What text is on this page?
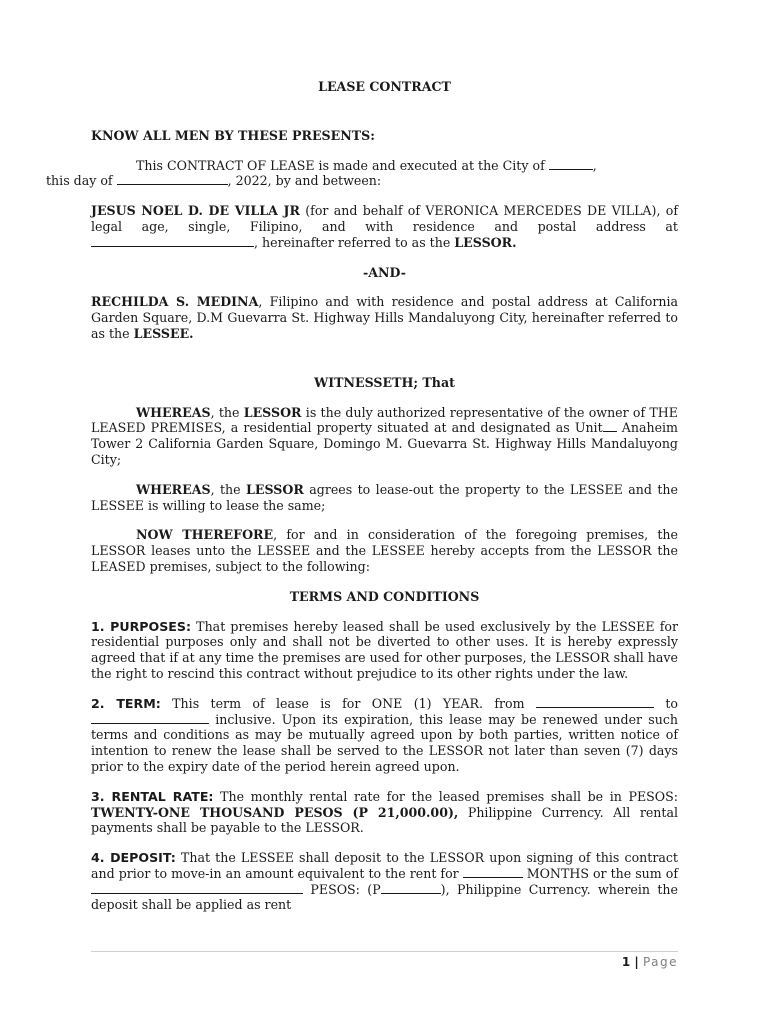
LEASE CONTRACT

KNOW ALL MEN BY THESE PRESENTS:

This CONTRACT OF LEASE is made and executed at the City of	,
this day of	, 2022, by and between:

JESUS NOEL D. DE VILLA JR (for and behalf of VERONICA MERCEDES DE VILLA), of legal age, single, Filipino, and with residence and postal address at , hereinafter referred to as the LESSOR.

-AND-

RECHILDA S. MEDINA, Filipino and with residence and postal address at California Garden Square, D.M Guevarra St. Highway Hills Mandaluyong City, hereinafter referred to as the LESSEE.

WITNESSETH; That

WHEREAS, the LESSOR is the duly authorized representative of the owner of THE LEASED PREMISES, a residential property situated at and designated as Unit Anaheim Tower 2 California Garden Square, Domingo M. Guevarra St. Highway Hills Mandaluyong City;

WHEREAS, the LESSOR agrees to lease-out the property to the LESSEE and the LESSEE is willing to lease the same;

NOW THEREFORE, for and in consideration of the foregoing premises, the LESSOR leases unto the LESSEE and the LESSEE hereby accepts from the LESSOR the LEASED premises, subject to the following:

TERMS AND CONDITIONS

1. PURPOSES: That premises hereby leased shall be used exclusively by the LESSEE for residential purposes only and shall not be diverted to other uses. It is hereby expressly agreed that if at any time the premises are used for other purposes, the LESSOR shall have the right to rescind this contract without prejudice to its other rights under the law.

2. TERM: This term of lease is for ONE (1) YEAR. from	to  inclusive. Upon its expiration, this lease may be renewed under such terms and conditions as may be mutually agreed upon by both parties, written notice of intention to renew the lease shall be served to the LESSOR not later than seven (7) days prior to the expiry date of the period herein agreed upon.

3. RENTAL RATE: The monthly rental rate for the leased premises shall be in PESOS: TWENTY-ONE THOUSAND PESOS (P 21,000.00), Philippine Currency. All rental payments shall be payable to the LESSOR.

4. DEPOSIT: That the LESSEE shall deposit to the LESSOR upon signing of this contract and prior to move-in an amount equivalent to the rent for	MONTHS or the sum of  PESOS: (P	), Philippine Currency. wherein the deposit shall be applied as rent

1 | Page
